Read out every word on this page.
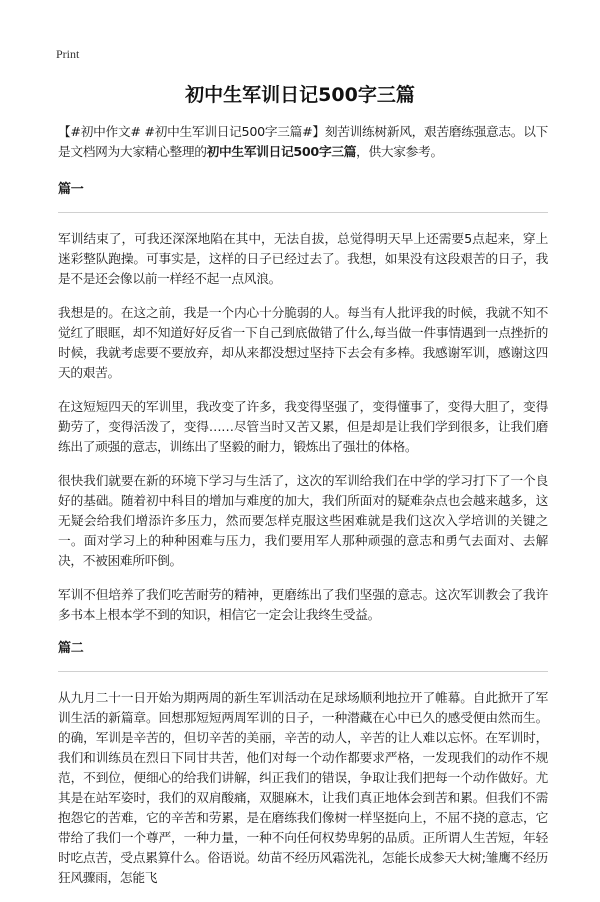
Print
初中生军训日记500字三篇

【#初中作文# #初中生军训日记500字三篇#】刻苦训练树新风，艰苦磨练强意志。以下是文档网为大家精心整理的初中生军训日记500字三篇，供大家参考。

篇一

军训结束了，可我还深深地陷在其中，无法自拔，总觉得明天早上还需要5点起来，穿上迷彩整队跑操。可事实是，这样的日子已经过去了。我想，如果没有这段艰苦的日子，我是不是还会像以前一样经不起一点风浪。

我想是的。在这之前，我是一个内心十分脆弱的人。每当有人批评我的时候，我就不知不觉红了眼眶，却不知道好好反省一下自己到底做错了什么,每当做一件事情遇到一点挫折的时候，我就考虑要不要放弃，却从来都没想过坚持下去会有多棒。我感谢军训，感谢这四天的艰苦。

在这短短四天的军训里，我改变了许多，我变得坚强了，变得懂事了，变得大胆了，变得勤劳了，变得活泼了，变得……尽管当时又苦又累，但是却是让我们学到很多，让我们磨练出了顽强的意志，训练出了坚毅的耐力，锻炼出了强壮的体格。

很快我们就要在新的环境下学习与生活了，这次的军训给我们在中学的学习打下了一个良好的基础。随着初中科目的增加与难度的加大，我们所面对的疑难杂点也会越来越多，这无疑会给我们增添许多压力，然而要怎样克服这些困难就是我们这次入学培训的关键之一。面对学习上的种种困难与压力，我们要用军人那种顽强的意志和勇气去面对、去解决，不被困难所吓倒。

军训不但培养了我们吃苦耐劳的精神，更磨练出了我们坚强的意志。这次军训教会了我许多书本上根本学不到的知识，相信它一定会让我终生受益。

篇二

从九月二十一日开始为期两周的新生军训活动在足球场顺利地拉开了帷幕。自此掀开了军训生活的新篇章。回想那短短两周军训的日子，一种潜藏在心中已久的感受便由然而生。的确，军训是辛苦的，但切辛苦的美丽，辛苦的动人，辛苦的让人难以忘怀。在军训时，我们和训练员在烈日下同甘共苦，他们对每一个动作都要求严格，一发现我们的动作不规范，不到位，便细心的给我们讲解，纠正我们的错误，争取让我们把每一个动作做好。尤其是在站军姿时，我们的双肩酸痛，双腿麻木，让我们真正地体会到苦和累。但我们不需抱怨它的苦难，它的辛苦和劳累，是在磨练我们像树一样坚挺向上，不屈不挠的意志，它带给了我们一个尊严，一种力量，一种不向任何权势卑躬的品质。正所谓人生苦短，年轻时吃点苦，受点累算什么。俗语说。幼苗不经历风霜洗礼，怎能长成参天大树;雏鹰不经历狂风骤雨，怎能飞
